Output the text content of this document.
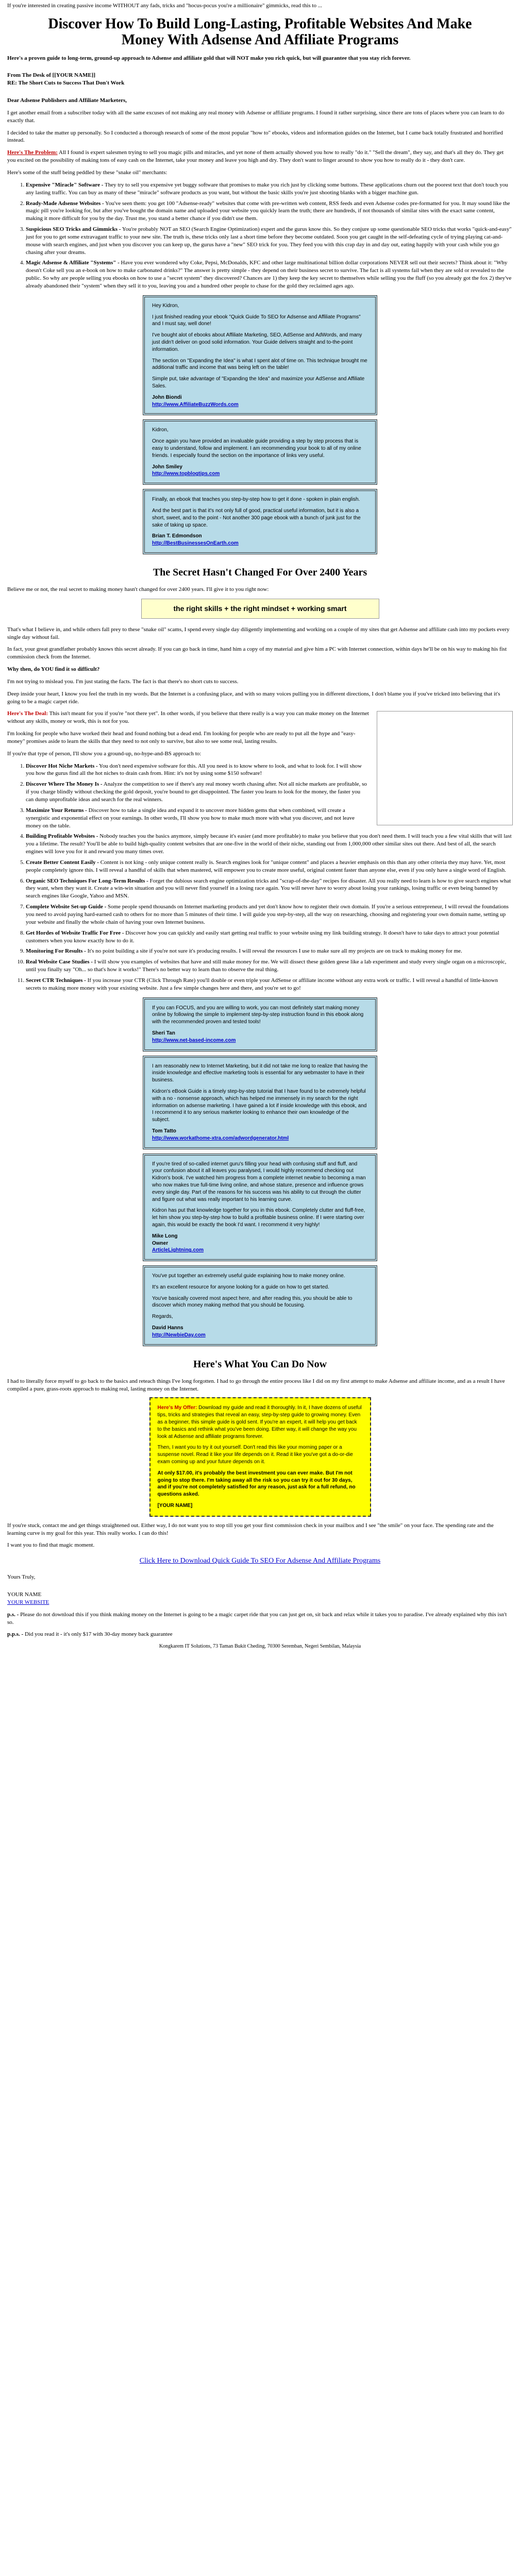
If you're interested in creating passive income WITHOUT any fads, tricks and "hocus-pocus you're a millionaire" gimmicks, read this to ...

Discover How To Build Long-Lasting, Profitable Websites And Make Money With Adsense And Affiliate Programs

Here's a proven guide to long-term, ground-up approach to Adsense and affiliate gold that will NOT make you rich quick, but will guarantee that you stay rich forever.

From The Desk of [[YOUR NAME]]

RE: The Short Cuts to Success That Don't Work

Dear Adsense Publishers and Affiliate Marketers,

I get another email from a subscriber today with all the same excuses of not making any real money with Adsense or affiliate programs. I found it rather surprising, since there are tons of places where you can learn to do exactly that.

I decided to take the matter up personally. So I conducted a thorough research of some of the most popular "how to" ebooks, videos and information guides on the Internet, but I came back totally frustrated and horrified instead.

Here's The Problem: All I found is expert salesmen trying to sell you magic pills and miracles, and yet none of them actually showed you how to really "do it." "Sell the dream", they say, and that's all they do. They get you excited on the possibility of making tons of easy cash on the Internet, take your money and leave you high and dry. They don't want to linger around to show you how to really do it - they don't care.

Here's some of the stuff being peddled by these "snake oil" merchants:

1. Expensive "Miracle" Software - They try to sell you expensive yet buggy software that promises to make you rich just by clicking some buttons. These applications churn out the poorest text that don't touch you any lasting traffic. You can buy as many of these "miracle" software products as you want, but without the basic skills you're just shooting blanks with a bigger machine gun.
2. Ready-Made Adsense Websites - You've seen them: you get 100 "Adsense-ready" websites that come with pre-written web content, RSS feeds and even Adsense codes pre-formatted for you. It may sound like the magic pill you're looking for, but after you've bought the domain name and uploaded your website you quickly learn the truth; there are hundreds, if not thousands of similar sites with the exact same content, making it more difficult for you by the day. Trust me, you stand a better chance if you didn't use them.
3. Suspicious SEO Tricks and Gimmicks - You're probably NOT an SEO (Search Engine Optimization) expert and the gurus know this. So they conjure up some questionable SEO tricks that works "quick-and-easy" just for you to get some extravagant traffic to your new site. The truth is, these tricks only last a short time before they become outdated. Soon you get caught in the self-defeating cycle of trying playing cat-and-mouse with search engines, and just when you discover you can keep up, the gurus have a "new" SEO trick for you. They feed you with this crap day in and day out, eating happily with your cash while you go chasing after your dreams.
4. Magic Adsense & Affiliate "Systems" - Have you ever wondered why Coke, Pepsi, McDonalds, KFC and other large multinational billion dollar corporations NEVER sell out their secrets? Think about it: "Why doesn't Coke sell you an e-book on how to make carbonated drinks?" The answer is pretty simple - they depend on their business secret to survive. The fact is all systems fail when they are sold or revealed to the public. So why are people selling you ebooks on how to use a "secret system" they discovered? Chances are 1) they keep the key secret to themselves while selling you the fluff (so you already got the fox 2) they've already abandoned their "system" when they sell it to you, leaving you and a hundred other people to chase for the gold they reclaimed ages ago.

Hey Kidron,

I just finished reading your ebook "Quick Guide To SEO for Adsense and Affiliate Programs" and I must say, well done!

I've bought alot of ebooks about Affiliate Marketing, SEO, AdSense and AdWords, and many just didn't deliver on good solid information. Your Guide delivers straight and to-the-point information.

The section on "Expanding the Idea" is what I spent alot of time on. This technique brought me additional traffic and income that was being left on the table!

Simple put, take advantage of "Expanding the Idea" and maximize your AdSense and Affiliate Sales.

John Biondi

http://www.AffiliateBuzzWords.com

Kidron,

Once again you have provided an invaluable guide providing a step by step process that is easy to understand, follow and implement. I am recommending your book to all of my online friends. I especially found the section on the importance of links very useful.

John Smiley

http://www.topblogtips.com

Finally, an ebook that teaches you step-by-step how to get it done - spoken in plain english.

And the best part is that it's not only full of good, practical useful information, but it is also a short, sweet, and to the point - Not another 300 page ebook with a bunch of junk just for the sake of taking up space.

Brian T. Edmondson

http://BestBusinessesOnEarth.com
The Secret Hasn't Changed For Over 2400 Years

Believe me or not, the real secret to making money hasn't changed for over 2400 years. I'll give it to you right now:

the right skills + the right mindset + working smart

That's what I believe in, and while others fall prey to these "snake oil" scams, I spend every single day diligently implementing and working on a couple of my sites that get Adsense and affiliate cash into my pockets every single day without fail.

In fact, your great grandfather probably knows this secret already. If you can go back in time, hand him a copy of my material and give him a PC with Internet connection, within days he'll be on his way to making his fist commission check from the Internet.

Why then, do YOU find it so difficult?

I'm not trying to mislead you. I'm just stating the facts. The fact is that there's no short cuts to success.

Deep inside your heart, I know you feel the truth in my words. But the Internet is a confusing place, and with so many voices pulling you in different directions, I don't blame you if you've tricked into believing that it's going to be a magic carpet ride.

Here's The Deal: This isn't meant for you if you're "not there yet". In other words, if you believe that there really is a way you can make money on the Internet without any skills, money or work, this is not for you.

I'm looking for people who have worked their head and found nothing but a dead end. I'm looking for people who are ready to put all the hype and "easy-money" promises aside to learn the skills that they need to not only to survive, but also to see some real, lasting results.

If you're that type of person, I'll show you a ground-up, no-hype-and-BS approach to:

1. Discover Hot Niche Markets - You don't need expensive software for this. All you need is to know where to look, and what to look for. I will show you how the gurus find all the hot niches to drain cash from. Hint: it's not by using some $150 software!
2. Discover Where The Money Is - Analyze the competition to see if there's any real money worth chasing after. Not all niche markets are profitable, so if you charge blindly without checking the gold deposit, you're bound to get disappointed. The faster you learn to look for the money, the faster you can dump unprofitable ideas and search for the real winners.
3. Maximize Your Returns - Discover how to take a single idea and expand it to uncover more hidden gems that when combined, will create a synergistic and exponential effect on your earnings. In other words, I'll show you how to make much more with what you discover, and not leave money on the table.
4. Building Profitable Websites - Nobody teaches you the basics anymore, simply because it's easier (and more profitable) to make you believe that you don't need them. I will teach you a few vital skills that will last you a lifetime. The result? You'll be able to build high-quality content websites that are one-five in the world of their niche, standing out from 1,000,000 other similar sites out there. And best of all, the search engines will love you for it and reward you many times over.
5. Create Better Content Easily - Content is not king - only unique content really is. Search engines look for "unique content" and places a heavier emphasis on this than any other criteria they may have. Yet, most people completely ignore this. I will reveal a handful of skills that when mastered, will empower you to create more useful, original content faster than anyone else, even if you only have a single word of English.
6. Organic SEO Techniques For Long-Term Results - Forget the dubious search engine optimization tricks and "scrap-of-the-day" recipes for disaster. All you really need to learn is how to give search engines what they want, when they want it. Create a win-win situation and you will never find yourself in a losing race again. You will never have to worry about losing your rankings, losing traffic or even being banned by search engines like Google, Yahoo and MSN.
7. Complete Website Set-up Guide - Some people spend thousands on Internet marketing products and yet don't know how to register their own domain. If you're a serious entrepreneur, I will reveal the foundations you need to avoid paying hard-earned cash to others for no more than 5 minutes of their time. I will guide you step-by-step, all the way on researching, choosing and registering your own domain name, setting up your website and finally the whole chain of having your own Internet business.
8. Get Hordes of Website Traffic For Free - Discover how you can quickly and easily start getting real traffic to your website using my link building strategy. It doesn't have to take days to attract your potential customers when you know exactly how to do it.
9. Monitoring For Results - It's no point building a site if you're not sure it's producing results. I will reveal the resources I use to make sure all my projects are on track to making money for me.
10. Real Website Case Studies - I will show you examples of websites that have and still make money for me. We will dissect these golden geese like a lab experiment and study every single organ on a microscopic, until you finally say "Oh... so that's how it works!" There's no better way to learn than to observe the real thing.
11. Secret CTR Techniques - If you increase your CTR (Click Through Rate) you'll double or even triple your AdSense or affiliate income without any extra work or traffic. I will reveal a handful of little-known secrets to making more money with your existing website. Just a few simple changes here and there, and you're set to go!

If you can FOCUS, and you are willing to work, you can most definitely start making money online by following the simple to implement step-by-step instruction found in this ebook along with the recommended proven and tested tools!

Sheri Tan

http://www.net-based-income.com

I am reasonably new to Internet Marketing, but it did not take me long to realize that having the inside knowledge and effective marketing tools is essential for any webmaster to have in their business.

Kidron's eBook Guide is a timely step-by-step tutorial that I have found to be extremely helpful with a no - nonsense approach, which has helped me immensely in my search for the right information on adsense marketing. I have gained a lot if inside knowledge with this ebook, and I recommend it to any serious marketer looking to enhance their own knowledge of the subject.

Tom Tatto

http://www.workathome-xtra.com/adwordgenerator.html

If you're tired of so-called internet guru's filling your head with confusing stuff and fluff, and your confusion about it all leaves you paralysed, I would highly recommend checking out Kidron's book. I've watched him progress from a complete internet newbie to becoming a man who now makes true full-time living online, and whose stature, presence and influence grows every single day. Part of the reasons for his success was his ability to cut through the clutter and figure out what was really important to his learning curve.

Kidron has put that knowledge together for you in this ebook. Completely clutter and fluff-free, let him show you step-by-step how to build a profitable business online. If I were starting over again, this would be exactly the book I'd want. I recommend it very highly!

Mike Long

Owner

ArticleLightning.com

You've put together an extremely useful guide explaining how to make money online.

It's an excellent resource for anyone looking for a guide on how to get started.

You've basically covered most aspect here, and after reading this, you should be able to discover which money making method that you should be focusing.

Regards,

David Hanns

http://NewbieDay.com
Here's What You Can Do Now

I had to literally force myself to go back to the basics and reteach things I've long forgotten. I had to go through the entire process like I did on my first attempt to make Adsense and affiliate income, and as a result I have compiled a pure, grass-roots approach to making real, lasting money on the Internet.

Here's My Offer: Download my guide and read it thoroughly. In it, I have dozens of useful tips, tricks and strategies that reveal an easy, step-by-step guide to growing money. Even as a beginner, this simple guide is gold sent. If you're an expert, it will help you get back to the basics and rethink what you've been doing. Either way, it will change the way you look at Adsense and affiliate programs forever.

Then, I want you to try it out yourself. Don't read this like your morning paper or a suspense novel. Read it like your life depends on it. Read it like you've got a do-or-die exam coming up and your future depends on it.

At only $17.00, it's probably the best investment you can ever make. But I'm not going to stop there. I'm taking away all the risk so you can try it out for 30 days, and if you're not completely satisfied for any reason, just ask for a full refund, no questions asked.

[YOUR NAME]

If you're stuck, contact me and get things straightened out. Either way, I do not want you to stop till you get your first commission check in your mailbox and I see "the smile" on your face. The spending rate and the learning curve is my goal for this year. This really works. I can do this!

I want you to find that magic moment.

Click Here to Download Quick Guide To SEO For Adsense And Affiliate Programs

Yours Truly,

YOUR NAME

YOUR WEBSITE

p.s. - Please do not download this if you think making money on the Internet is going to be a magic carpet ride that you can just get on, sit back and relax while it takes you to paradise. I've already explained why this isn't so.

p.p.s. - Did you read it - it's only $17 with 30-day money back guarantee

Kongkarem IT Solutions, 73 Taman Bukit Cheding, 70300 Seremban, Negeri Sembilan, Malaysia
